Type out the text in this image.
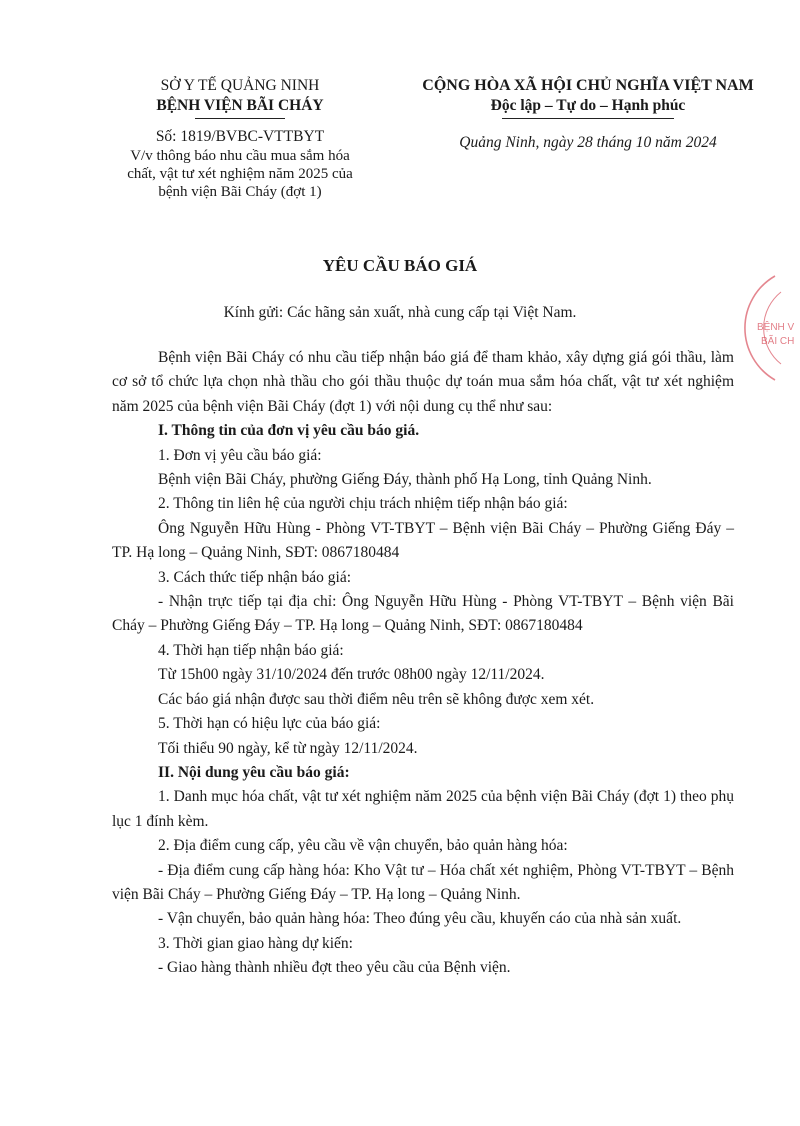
SỞ Y TẾ QUẢNG NINH
BỆNH VIỆN BÃI CHÁY
Số: 1819/BVBC-VTTBYT
V/v thông báo nhu cầu mua sắm hóa
chất, vật tư xét nghiệm năm 2025 của
bệnh viện Bãi Cháy (đợt 1)
CỘNG HÒA XÃ HỘI CHỦ NGHĨA VIỆT NAM
Độc lập – Tự do – Hạnh phúc
Quảng Ninh, ngày 28 tháng 10 năm 2024
YÊU CẦU BÁO GIÁ
Kính gửi: Các hãng sản xuất, nhà cung cấp tại Việt Nam.
BỆNH V
BÃI CH

Bệnh viện Bãi Cháy có nhu cầu tiếp nhận báo giá để tham khảo, xây dựng giá gói thầu, làm cơ sở tổ chức lựa chọn nhà thầu cho gói thầu thuộc dự toán mua sắm hóa chất, vật tư xét nghiệm năm 2025 của bệnh viện Bãi Cháy (đợt 1) với nội dung cụ thể như sau:

I. Thông tin của đơn vị yêu cầu báo giá.

1. Đơn vị yêu cầu báo giá:

Bệnh viện Bãi Cháy, phường Giếng Đáy, thành phố Hạ Long, tỉnh Quảng Ninh.

2. Thông tin liên hệ của người chịu trách nhiệm tiếp nhận báo giá:

Ông Nguyễn Hữu Hùng - Phòng VT-TBYT – Bệnh viện Bãi Cháy – Phường Giếng Đáy – TP. Hạ long – Quảng Ninh, SĐT: 0867180484

3. Cách thức tiếp nhận báo giá:

- Nhận trực tiếp tại địa chỉ: Ông Nguyễn Hữu Hùng - Phòng VT-TBYT – Bệnh viện Bãi Cháy – Phường Giếng Đáy – TP. Hạ long – Quảng Ninh, SĐT: 0867180484

4. Thời hạn tiếp nhận báo giá:

Từ 15h00 ngày 31/10/2024 đến trước 08h00 ngày 12/11/2024.

Các báo giá nhận được sau thời điểm nêu trên sẽ không được xem xét.

5. Thời hạn có hiệu lực của báo giá:

Tối thiểu 90 ngày, kể từ ngày 12/11/2024.

II. Nội dung yêu cầu báo giá:

1. Danh mục hóa chất, vật tư xét nghiệm năm 2025 của bệnh viện Bãi Cháy (đợt 1) theo phụ lục 1 đính kèm.

2. Địa điểm cung cấp, yêu cầu về vận chuyển, bảo quản hàng hóa:

- Địa điểm cung cấp hàng hóa: Kho Vật tư – Hóa chất xét nghiệm, Phòng VT-TBYT – Bệnh viện Bãi Cháy – Phường Giếng Đáy – TP. Hạ long – Quảng Ninh.

- Vận chuyển, bảo quản hàng hóa: Theo đúng yêu cầu, khuyến cáo của nhà sản xuất.

3. Thời gian giao hàng dự kiến:

- Giao hàng thành nhiều đợt theo yêu cầu của Bệnh viện.
